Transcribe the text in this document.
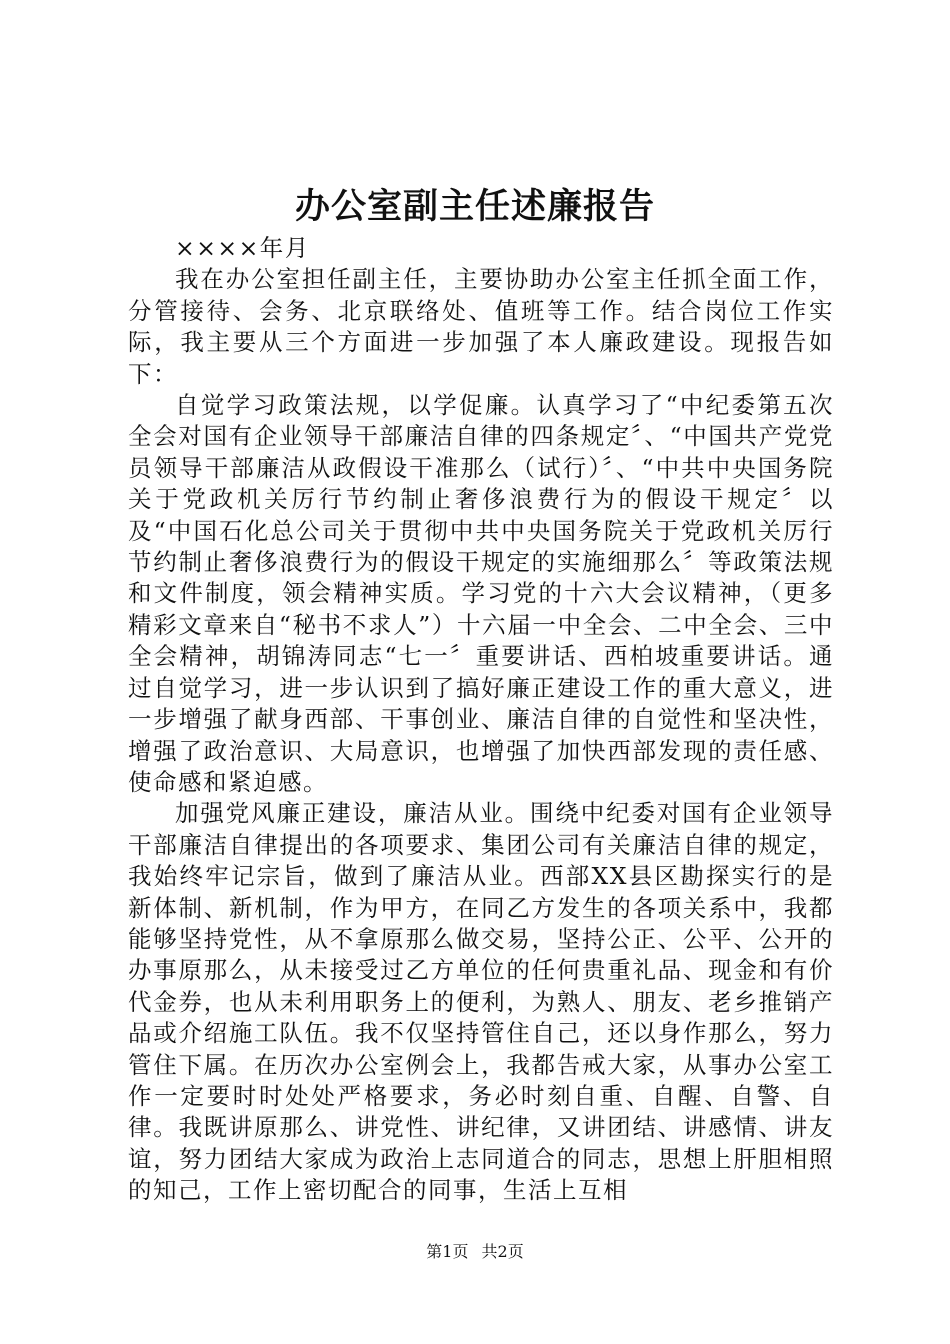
办公室副主任述廉报告

××××年月

我在办公室担任副主任，主要协助办公室主任抓全面工作，分管接待、会务、北京联络处、值班等工作。结合岗位工作实际，我主要从三个方面进一步加强了本人廉政建设。现报告如下：

自觉学习政策法规，以学促廉。认真学习了“中纪委第五次全会对国有企业领导干部廉洁自律的四条规定〞、“中国共产党党员领导干部廉洁从政假设干准那么（试行）〞、“中共中央国务院关于党政机关厉行节约制止奢侈浪费行为的假设干规定〞以及“中国石化总公司关于贯彻中共中央国务院关于党政机关厉行节约制止奢侈浪费行为的假设干规定的实施细那么〞等政策法规和文件制度，领会精神实质。学习党的十六大会议精神，（更多精彩文章来自“秘书不求人”）十六届一中全会、二中全会、三中全会精神，胡锦涛同志“七一〞重要讲话、西柏坡重要讲话。通过自觉学习，进一步认识到了搞好廉正建设工作的重大意义，进一步增强了献身西部、干事创业、廉洁自律的自觉性和坚决性，增强了政治意识、大局意识，也增强了加快西部发现的责任感、使命感和紧迫感。

加强党风廉正建设，廉洁从业。围绕中纪委对国有企业领导干部廉洁自律提出的各项要求、集团公司有关廉洁自律的规定，我始终牢记宗旨，做到了廉洁从业。西部XX县区勘探实行的是新体制、新机制，作为甲方，在同乙方发生的各项关系中，我都能够坚持党性，从不拿原那么做交易，坚持公正、公平、公开的办事原那么，从未接受过乙方单位的任何贵重礼品、现金和有价代金券，也从未利用职务上的便利，为熟人、朋友、老乡推销产品或介绍施工队伍。我不仅坚持管住自己，还以身作那么，努力管住下属。在历次办公室例会上，我都告戒大家，从事办公室工作一定要时时处处严格要求，务必时刻自重、自醒、自警、自律。我既讲原那么、讲党性、讲纪律，又讲团结、讲感情、讲友谊，努力团结大家成为政治上志同道合的同志，思想上肝胆相照的知己，工作上密切配合的同事，生活上互相

第1页 共2页
